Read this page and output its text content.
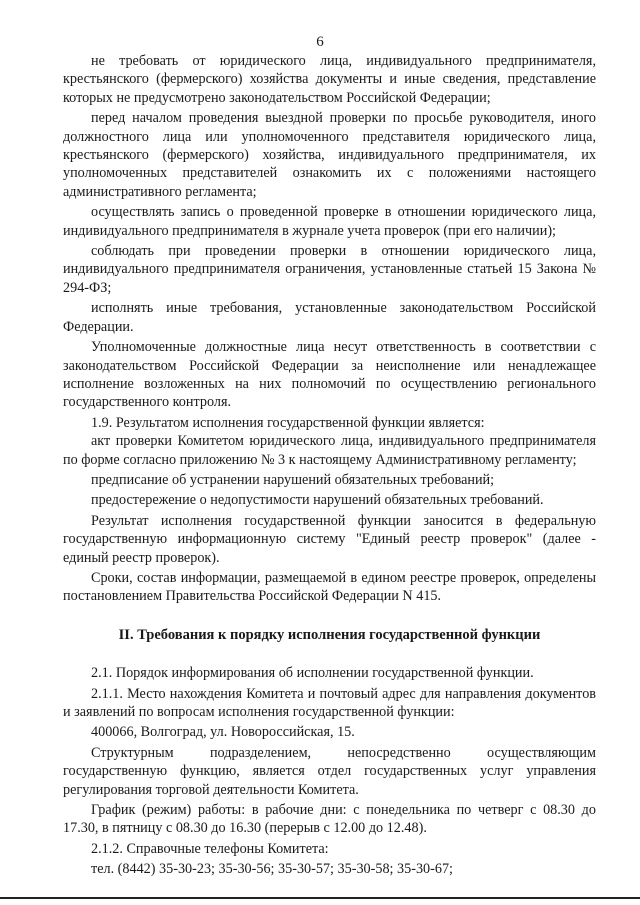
6

не требовать от юридического лица, индивидуального предпринимателя, крестьянского (фермерского) хозяйства документы и иные сведения, представление которых не предусмотрено законодательством Российской Федерации;

перед началом проведения выездной проверки по просьбе руководителя, иного должностного лица или уполномоченного представителя юридического лица, крестьянского (фермерского) хозяйства, индивидуального предпринимателя, их уполномоченных представителей ознакомить их с положениями настоящего административного регламента;

осуществлять запись о проведенной проверке в отношении юридического лица, индивидуального предпринимателя в журнале учета проверок (при его наличии);

соблюдать при проведении проверки в отношении юридического лица, индивидуального предпринимателя ограничения, установленные статьей 15 Закона № 294-ФЗ;

исполнять иные требования, установленные законодательством Российской Федерации.

Уполномоченные должностные лица несут ответственность в соответствии с законодательством Российской Федерации за неисполнение или ненадлежащее исполнение возложенных на них полномочий по осуществлению регионального государственного контроля.

1.9. Результатом исполнения государственной функции является:

акт проверки Комитетом юридического лица, индивидуального предпринимателя по форме согласно приложению № 3 к настоящему Административному регламенту;

предписание об устранении нарушений обязательных требований;

предостережение о недопустимости нарушений обязательных требований.

Результат исполнения государственной функции заносится в федеральную государственную информационную систему "Единый реестр проверок" (далее - единый реестр проверок).

Сроки, состав информации, размещаемой в едином реестре проверок, определены постановлением Правительства Российской Федерации N 415.

II. Требования к порядку исполнения государственной функции

2.1. Порядок информирования об исполнении государственной функции.

2.1.1. Место нахождения Комитета и почтовый адрес для направления документов и заявлений по вопросам исполнения государственной функции:

400066, Волгоград, ул. Новороссийская, 15.

Структурным подразделением, непосредственно осуществляющим государственную функцию, является отдел государственных услуг управления регулирования торговой деятельности Комитета.

График (режим) работы: в рабочие дни: с понедельника по четверг с 08.30 до 17.30, в пятницу с 08.30 до 16.30 (перерыв с 12.00 до 12.48).

2.1.2. Справочные телефоны Комитета:

тел. (8442) 35-30-23; 35-30-56; 35-30-57; 35-30-58; 35-30-67;
